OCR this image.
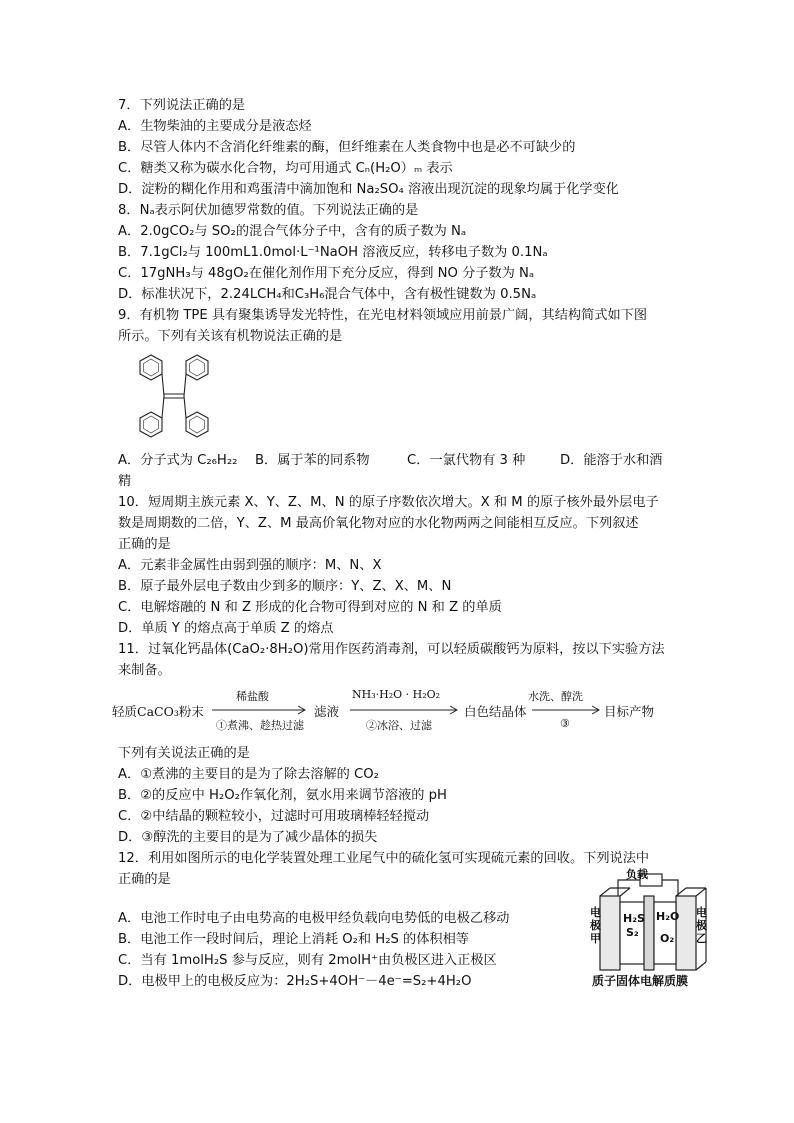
7．下列说法正确的是
A．生物柴油的主要成分是液态烃
B．尽管人体内不含消化纤维素的酶，但纤维素在人类食物中也是必不可缺少的
C．糖类又称为碳水化合物，均可用通式 Cₙ(H₂O）ₘ 表示
D．淀粉的糊化作用和鸡蛋清中滴加饱和 Na₂SO₄ 溶液出现沉淀的现象均属于化学变化
8．Nₐ表示阿伏加德罗常数的值。下列说法正确的是
A．2.0gCO₂与 SO₂的混合气体分子中，含有的质子数为 Nₐ
B．7.1gCl₂与 100mL1.0mol·L⁻¹NaOH 溶液反应，转移电子数为 0.1Nₐ
C．17gNH₃与 48gO₂在催化剂作用下充分反应，得到 NO 分子数为 Nₐ
D．标准状况下，2.24LCH₄和C₃H₆混合气体中，含有极性键数为 0.5Nₐ
9．有机物 TPE 具有聚集诱导发光特性，在光电材料领域应用前景广阔，其结构简式如下图
所示。下列有关该有机物说法正确的是
A．分子式为 C₂₆H₂₂ B．属于苯的同系物	C．一氯代物有 3 种	D．能溶于水和酒
精
10．短周期主族元素 X、Y、Z、M、N 的原子序数依次增大。X 和 M 的原子核外最外层电子
数是周期数的二倍，Y、Z、M 最高价氧化物对应的水化物两两之间能相互反应。下列叙述
正确的是
A．元素非金属性由弱到强的顺序：M、N、X
B．原子最外层电子数由少到多的顺序：Y、Z、X、M、N
C．电解熔融的 N 和 Z 形成的化合物可得到对应的 N 和 Z 的单质
D．单质 Y 的熔点高于单质 Z 的熔点
11．过氧化钙晶体(CaO₂·8H₂O)常用作医药消毒剂，可以轻质碳酸钙为原料，按以下实验方法
来制备。
轻质CaCO₃粉末
稀盐酸
①煮沸、趁热过滤
滤液
NH₃·H₂O · H₂O₂
②冰浴、过滤
白色结晶体
水洗、醇洗
③
目标产物
下列有关说法正确的是
A．①煮沸的主要目的是为了除去溶解的 CO₂
B．②的反应中 H₂O₂作氧化剂，氨水用来调节溶液的 pH
C．②中结晶的颗粒较小，过滤时可用玻璃棒轻轻搅动
D．③醇洗的主要目的是为了减少晶体的损失
12．利用如图所示的电化学装置处理工业尾气中的硫化氢可实现硫元素的回收。下列说法中
正确的是
A．电池工作时电子由电势高的电极甲经负载向电势低的电极乙移动
B．电池工作一段时间后，理论上消耗 O₂和 H₂S 的体积相等
C．当有 1molH₂S 参与反应，则有 2molH⁺由负极区进入正极区
D．电极甲上的电极反应为：2H₂S+4OH⁻－4e⁻=S₂+4H₂O
负载
电极甲
电极乙
H₂S
S₂
H₂O
O₂
质子固体电解质膜
